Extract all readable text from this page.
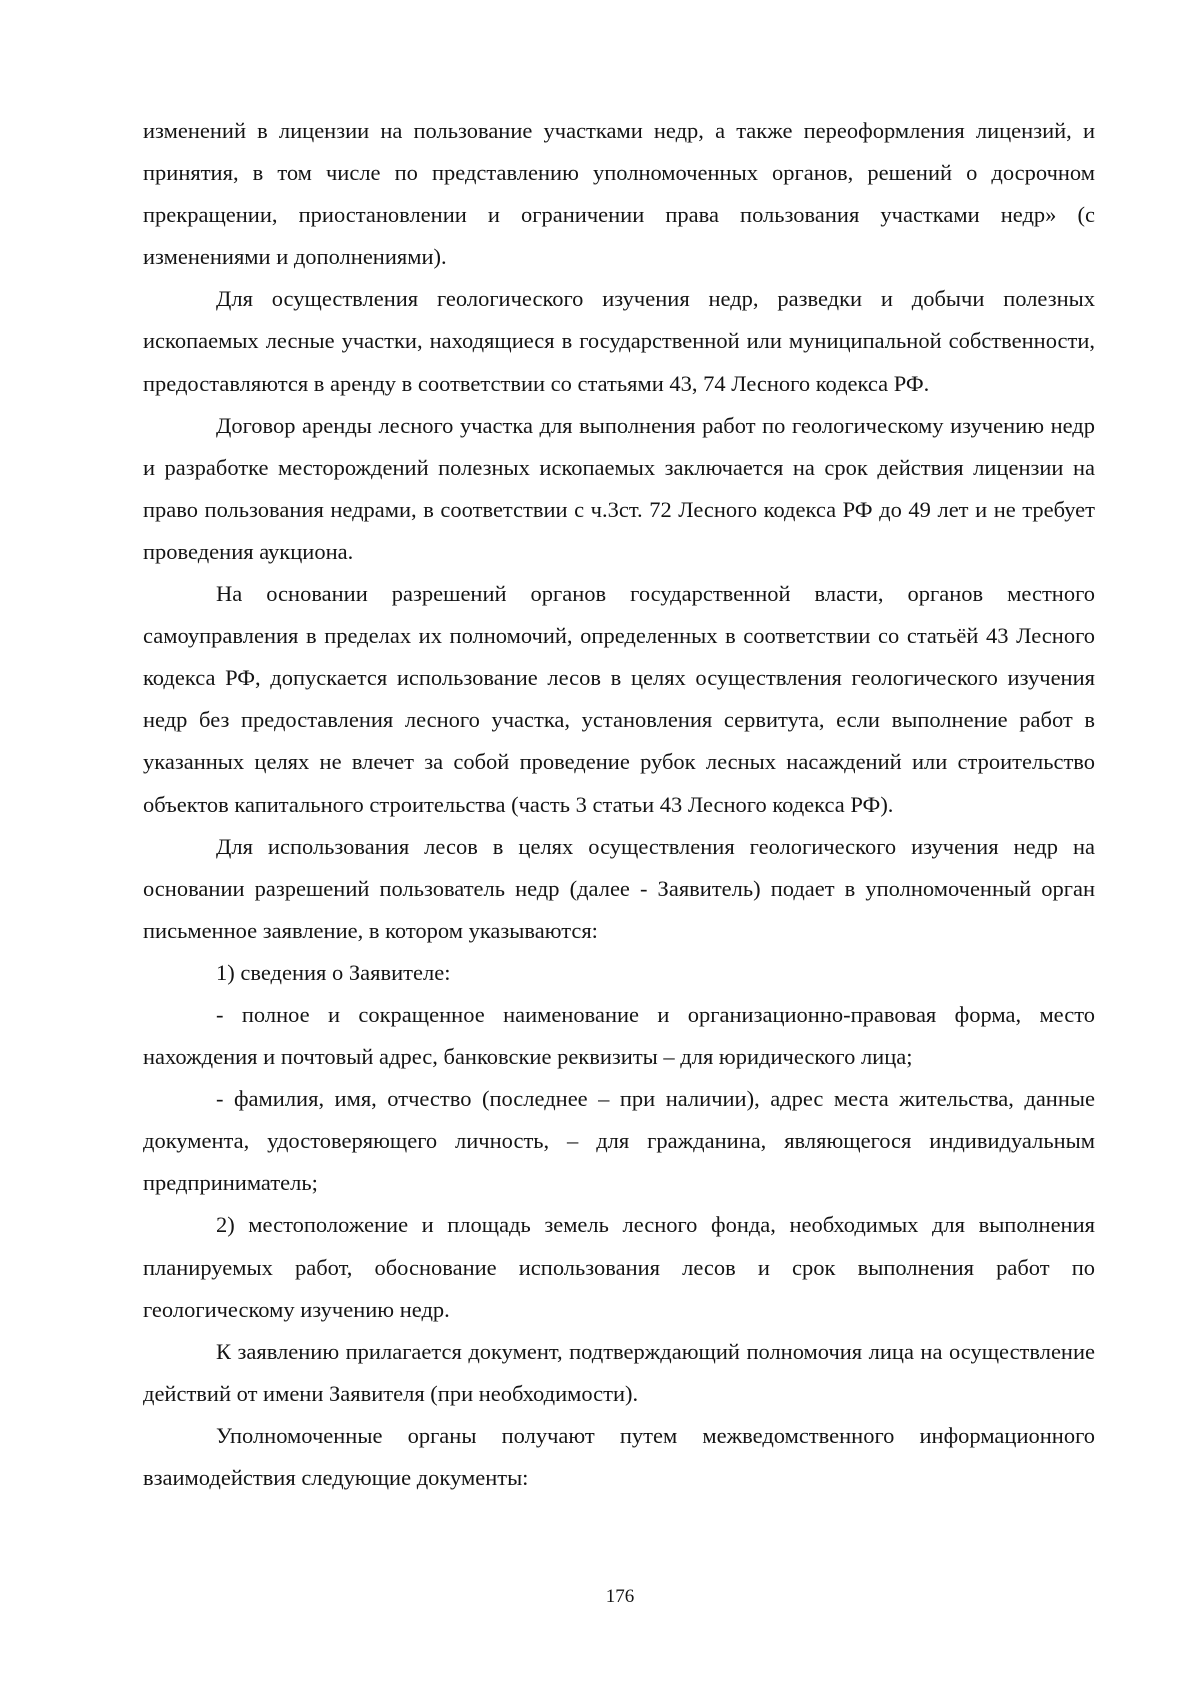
изменений в лицензии на пользование участками недр, а также переоформления лицензий, и принятия, в том числе по представлению уполномоченных органов, решений о досрочном прекращении, приостановлении и ограничении права пользования участками недр» (с изменениями и дополнениями).

Для осуществления геологического изучения недр, разведки и добычи полезных ископаемых лесные участки, находящиеся в государственной или муниципальной собственности, предоставляются в аренду в соответствии со статьями 43, 74 Лесного кодекса РФ.

Договор аренды лесного участка для выполнения работ по геологическому изучению недр и разработке месторождений полезных ископаемых заключается на срок действия лицензии на право пользования недрами, в соответствии с ч.3ст. 72 Лесного кодекса РФ до 49 лет и не требует проведения аукциона.

На основании разрешений органов государственной власти, органов местного самоуправления в пределах их полномочий, определенных в соответствии со статьёй 43 Лесного кодекса РФ, допускается использование лесов в целях осуществления геологического изучения недр без предоставления лесного участка, установления сервитута, если выполнение работ в указанных целях не влечет за собой проведение рубок лесных насаждений или строительство объектов капитального строительства (часть 3 статьи 43 Лесного кодекса РФ).

Для использования лесов в целях осуществления геологического изучения недр на основании разрешений пользователь недр (далее - Заявитель) подает в уполномоченный орган письменное заявление, в котором указываются:

1) сведения о Заявителе:

- полное и сокращенное наименование и организационно-правовая форма, место нахождения и почтовый адрес, банковские реквизиты – для юридического лица;

- фамилия, имя, отчество (последнее – при наличии), адрес места жительства, данные документа, удостоверяющего личность, – для гражданина, являющегося индивидуальным предприниматель;

2) местоположение и площадь земель лесного фонда, необходимых для выполнения планируемых работ, обоснование использования лесов и срок выполнения работ по геологическому изучению недр.

К заявлению прилагается документ, подтверждающий полномочия лица на осуществление действий от имени Заявителя (при необходимости).

Уполномоченные органы получают путем межведомственного информационного взаимодействия следующие документы:

176
